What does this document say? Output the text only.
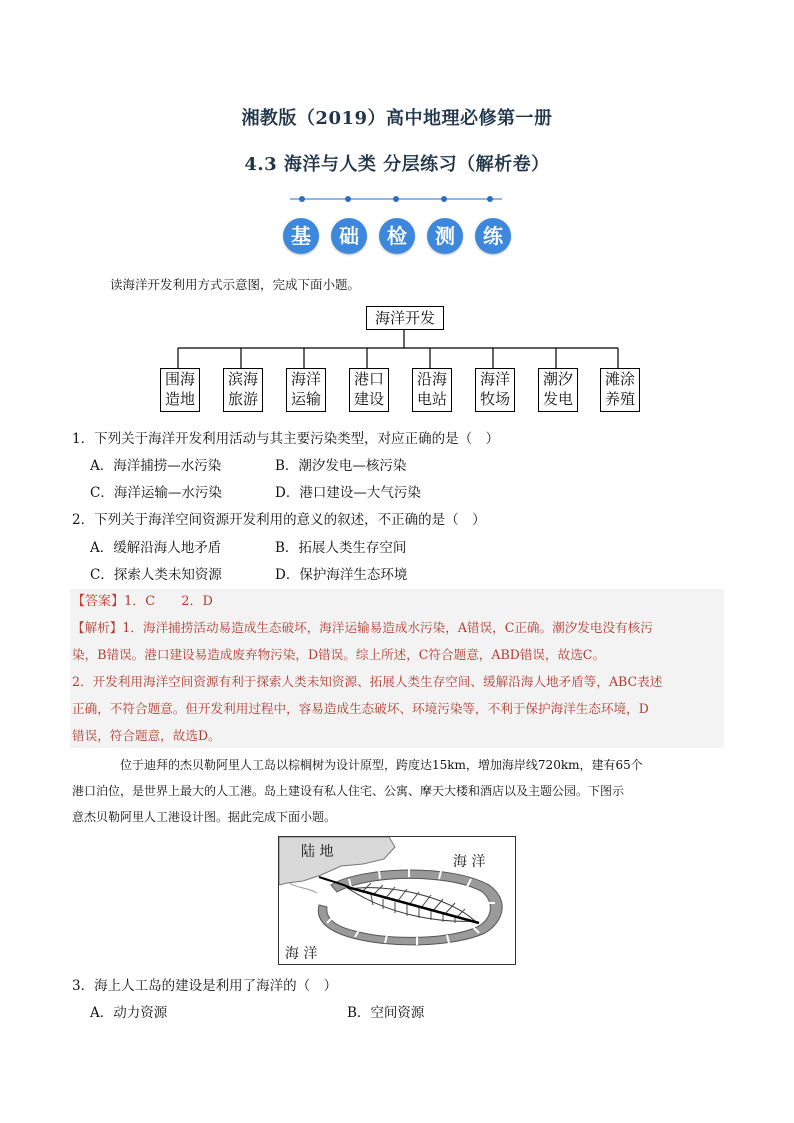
湘教版（2019）高中地理必修第一册
4.3 海洋与人类 分层练习（解析卷）
基	础	检	测	练
读海洋开发利用方式示意图，完成下面小题。
海洋开发
围海
造地
滨海
旅游
海洋
运输
港口
建设
沿海
电站
海洋
牧场
潮汐
发电
滩涂
养殖
1．下列关于海洋开发利用活动与其主要污染类型，对应正确的是（　）
A．海洋捕捞—水污染	B．潮汐发电—核污染
C．海洋运输—水污染	D．港口建设—大气污染
2．下列关于海洋空间资源开发利用的意义的叙述，不正确的是（　）
A．缓解沿海人地矛盾	B．拓展人类生存空间
C．探索人类未知资源	D．保护海洋生态环境
【答案】1．C　　2．D
【解析】1．海洋捕捞活动易造成生态破坏，海洋运输易造成水污染，A错误，C正确。潮汐发电没有核污
染，B错误。港口建设易造成废弃物污染，D错误。综上所述，C符合题意，ABD错误，故选C。
2．开发利用海洋空间资源有利于探索人类未知资源、拓展人类生存空间、缓解沿海人地矛盾等，ABC表述
正确，不符合题意。但开发利用过程中，容易造成生态破坏、环境污染等，不利于保护海洋生态环境，D
错误，符合题意，故选D。
位于迪拜的杰贝勒阿里人工岛以棕榈树为设计原型，跨度达15km，增加海岸线720km，建有65个
港口泊位，是世界上最大的人工港。岛上建设有私人住宅、公寓、摩天大楼和酒店以及主题公园。下图示
意杰贝勒阿里人工港设计图。据此完成下面小题。
陆 地
海 洋
海 洋
3．海上人工岛的建设是利用了海洋的（　）
A．动力资源	B．空间资源
